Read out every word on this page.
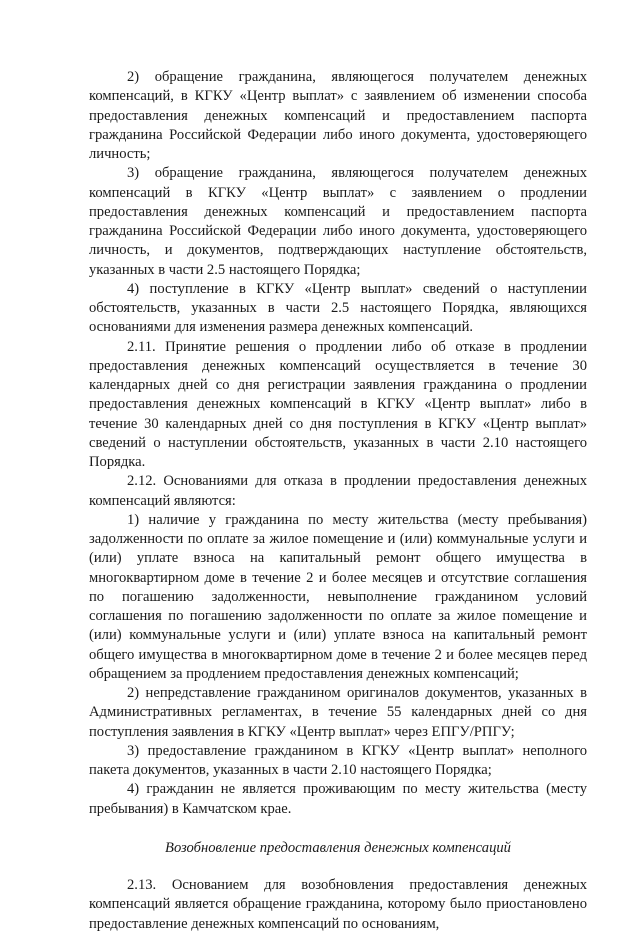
2) обращение гражданина, являющегося получателем денежных компенсаций, в КГКУ «Центр выплат» с заявлением об изменении способа предоставления денежных компенсаций и предоставлением паспорта гражданина Российской Федерации либо иного документа, удостоверяющего личность;

3) обращение гражданина, являющегося получателем денежных компенсаций в КГКУ «Центр выплат» с заявлением о продлении предоставления денежных компенсаций и предоставлением паспорта гражданина Российской Федерации либо иного документа, удостоверяющего личность, и документов, подтверждающих наступление обстоятельств, указанных в части 2.5 настоящего Порядка;

4) поступление в КГКУ «Центр выплат» сведений о наступлении обстоятельств, указанных в части 2.5 настоящего Порядка, являющихся основаниями для изменения размера денежных компенсаций.

2.11. Принятие решения о продлении либо об отказе в продлении предоставления денежных компенсаций осуществляется в течение 30 календарных дней со дня регистрации заявления гражданина о продлении предоставления денежных компенсаций в КГКУ «Центр выплат» либо в течение 30 календарных дней со дня поступления в КГКУ «Центр выплат» сведений о наступлении обстоятельств, указанных в части 2.10 настоящего Порядка.

2.12. Основаниями для отказа в продлении предоставления денежных компенсаций являются:

1) наличие у гражданина по месту жительства (месту пребывания) задолженности по оплате за жилое помещение и (или) коммунальные услуги и (или) уплате взноса на капитальный ремонт общего имущества в многоквартирном доме в течение 2 и более месяцев и отсутствие соглашения по погашению задолженности, невыполнение гражданином условий соглашения по погашению задолженности по оплате за жилое помещение и (или) коммунальные услуги и (или) уплате взноса на капитальный ремонт общего имущества в многоквартирном доме в течение 2 и более месяцев перед обращением за продлением предоставления денежных компенсаций;

2) непредставление гражданином оригиналов документов, указанных в Административных регламентах, в течение 55 календарных дней со дня поступления заявления в КГКУ «Центр выплат» через ЕПГУ/РПГУ;

3) предоставление гражданином в КГКУ «Центр выплат» неполного пакета документов, указанных в части 2.10 настоящего Порядка;

4) гражданин не является проживающим по месту жительства (месту пребывания) в Камчатском крае.

Возобновление предоставления денежных компенсаций

2.13. Основанием для возобновления предоставления денежных компенсаций является обращение гражданина, которому было приостановлено предоставление денежных компенсаций по основаниям,
